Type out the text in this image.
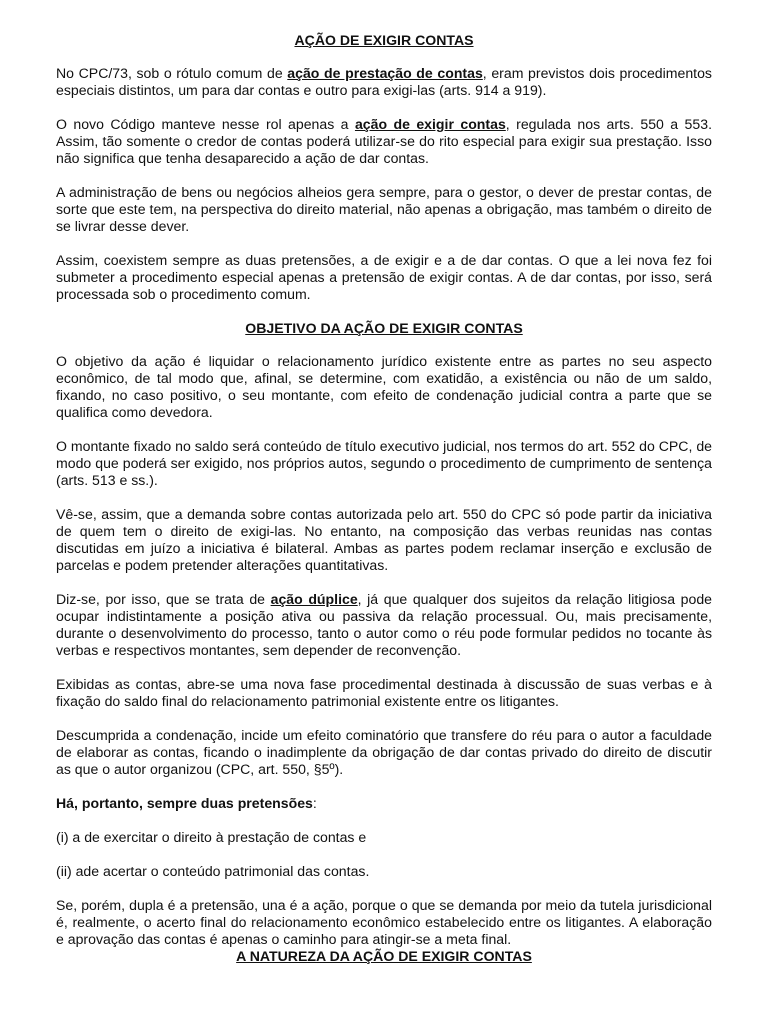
AÇÃO DE EXIGIR CONTAS

No CPC/73, sob o rótulo comum de ação de prestação de contas, eram previstos dois procedimentos especiais distintos, um para dar contas e outro para exigi-las (arts. 914 a 919).

O novo Código manteve nesse rol apenas a ação de exigir contas, regulada nos arts. 550 a 553. Assim, tão somente o credor de contas poderá utilizar-se do rito especial para exigir sua prestação. Isso não significa que tenha desaparecido a ação de dar contas.

A administração de bens ou negócios alheios gera sempre, para o gestor, o dever de prestar contas, de sorte que este tem, na perspectiva do direito material, não apenas a obrigação, mas também o direito de se livrar desse dever.

Assim, coexistem sempre as duas pretensões, a de exigir e a de dar contas. O que a lei nova fez foi submeter a procedimento especial apenas a pretensão de exigir contas. A de dar contas, por isso, será processada sob o procedimento comum.

OBJETIVO DA AÇÃO DE EXIGIR CONTAS

O objetivo da ação é liquidar o relacionamento jurídico existente entre as partes no seu aspecto econômico, de tal modo que, afinal, se determine, com exatidão, a existência ou não de um saldo, fixando, no caso positivo, o seu montante, com efeito de condenação judicial contra a parte que se qualifica como devedora.

O montante fixado no saldo será conteúdo de título executivo judicial, nos termos do art. 552 do CPC, de modo que poderá ser exigido, nos próprios autos, segundo o procedimento de cumprimento de sentença (arts. 513 e ss.).

Vê-se, assim, que a demanda sobre contas autorizada pelo art. 550 do CPC só pode partir da iniciativa de quem tem o direito de exigi-las. No entanto, na composição das verbas reunidas nas contas discutidas em juízo a iniciativa é bilateral. Ambas as partes podem reclamar inserção e exclusão de parcelas e podem pretender alterações quantitativas.

Diz-se, por isso, que se trata de ação dúplice, já que qualquer dos sujeitos da relação litigiosa pode ocupar indistintamente a posição ativa ou passiva da relação processual. Ou, mais precisamente, durante o desenvolvimento do processo, tanto o autor como o réu pode formular pedidos no tocante às verbas e respectivos montantes, sem depender de reconvenção.

Exibidas as contas, abre-se uma nova fase procedimental destinada à discussão de suas verbas e à fixação do saldo final do relacionamento patrimonial existente entre os litigantes.

Descumprida a condenação, incide um efeito cominatório que transfere do réu para o autor a faculdade de elaborar as contas, ficando o inadimplente da obrigação de dar contas privado do direito de discutir as que o autor organizou (CPC, art. 550, §5º).

Há, portanto, sempre duas pretensões:

(i) a de exercitar o direito à prestação de contas e

(ii) ade acertar o conteúdo patrimonial das contas.

Se, porém, dupla é a pretensão, una é a ação, porque o que se demanda por meio da tutela jurisdicional é, realmente, o acerto final do relacionamento econômico estabelecido entre os litigantes. A elaboração e aprovação das contas é apenas o caminho para atingir-se a meta final.

A NATUREZA DA AÇÃO DE EXIGIR CONTAS
